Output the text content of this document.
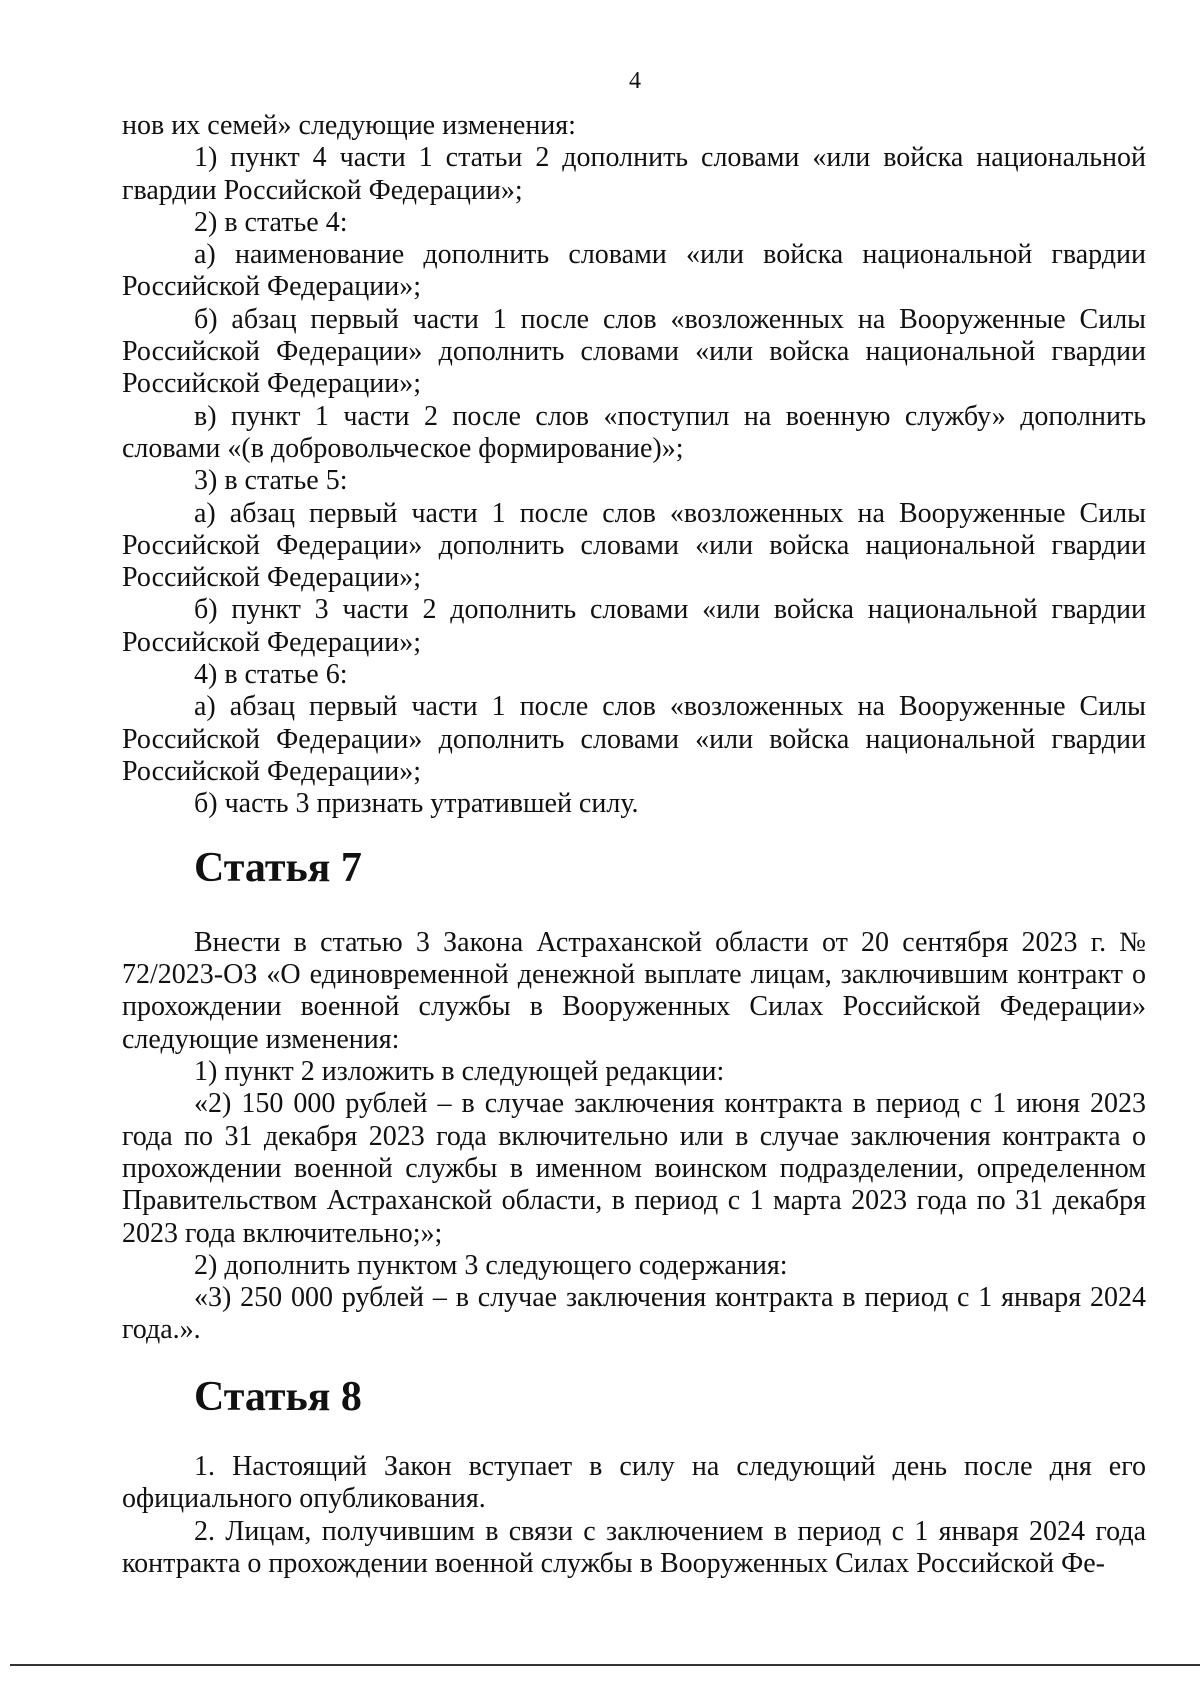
4

нов их семей» следующие изменения:

1) пункт 4 части 1 статьи 2 дополнить словами «или войска национальной гвардии Российской Федерации»;

2) в статье 4:

а) наименование дополнить словами «или войска национальной гвардии Российской Федерации»;

б) абзац первый части 1 после слов «возложенных на Вооруженные Силы Российской Федерации» дополнить словами «или войска национальной гвардии Российской Федерации»;

в) пункт 1 части 2 после слов «поступил на военную службу» дополнить словами «(в добровольческое формирование)»;

3) в статье 5:

а) абзац первый части 1 после слов «возложенных на Вооруженные Силы Российской Федерации» дополнить словами «или войска национальной гвардии Российской Федерации»;

б) пункт 3 части 2 дополнить словами «или войска национальной гвардии Российской Федерации»;

4) в статье 6:

а) абзац первый части 1 после слов «возложенных на Вооруженные Силы Российской Федерации» дополнить словами «или войска национальной гвардии Российской Федерации»;

б) часть 3 признать утратившей силу.

Статья 7

Внести в статью 3 Закона Астраханской области от 20 сентября 2023 г. № 72/2023-ОЗ «О единовременной денежной выплате лицам, заключившим контракт о прохождении военной службы в Вооруженных Силах Российской Федерации» следующие изменения:

1) пункт 2 изложить в следующей редакции:

«2) 150 000 рублей – в случае заключения контракта в период с 1 июня 2023 года по 31 декабря 2023 года включительно или в случае заключения контракта о прохождении военной службы в именном воинском подразделении, определенном Правительством Астраханской области, в период с 1 марта 2023 года по 31 декабря 2023 года включительно;»;

2) дополнить пунктом 3 следующего содержания:

«3) 250 000 рублей – в случае заключения контракта в период с 1 января 2024 года.».

Статья 8

1. Настоящий Закон вступает в силу на следующий день после дня его официального опубликования.

2. Лицам, получившим в связи с заключением в период с 1 января 2024 года контракта о прохождении военной службы в Вооруженных Силах Российской Фе-
